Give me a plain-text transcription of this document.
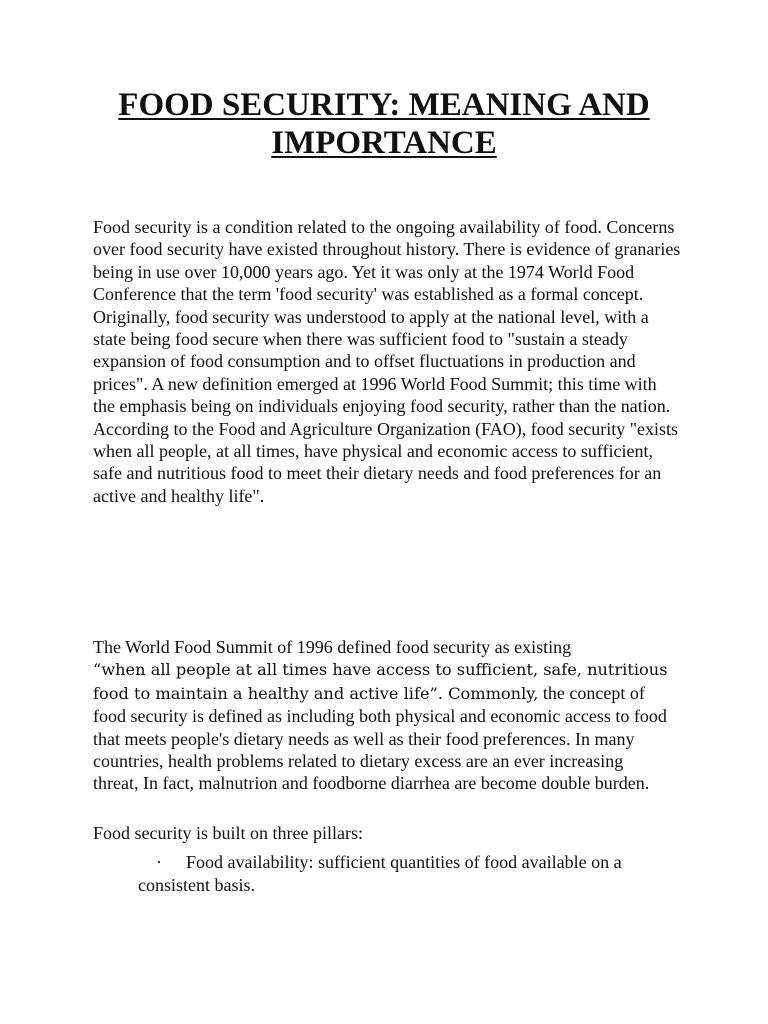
FOOD SECURITY: MEANING AND
IMPORTANCE

Food security is a condition related to the ongoing availability of food. Concerns over food security have existed throughout history. There is evidence of granaries being in use over 10,000 years ago. Yet it was only at the 1974 World Food Conference that the term 'food security' was established as a formal concept. Originally, food security was understood to apply at the national level, with a state being food secure when there was sufficient food to "sustain a steady expansion of food consumption and to offset fluctuations in production and prices". A new definition emerged at 1996 World Food Summit; this time with the emphasis being on individuals enjoying food security, rather than the nation. According to the Food and Agriculture Organization (FAO), food security "exists when all people, at all times, have physical and economic access to sufficient, safe and nutritious food to meet their dietary needs and food preferences for an active and healthy life".

The World Food Summit of 1996 defined food security as existing
“when all people at all times have access to sufficient, safe, nutritious food to maintain a healthy and active life”. Commonly, the concept of food security is defined as including both physical and economic access to food that meets people's dietary needs as well as their food preferences. In many countries, health problems related to dietary excess are an ever increasing threat, In fact, malnutrion and foodborne diarrhea are become double burden.

Food security is built on three pillars:

· Food availability: sufficient quantities of food available on a consistent basis.
